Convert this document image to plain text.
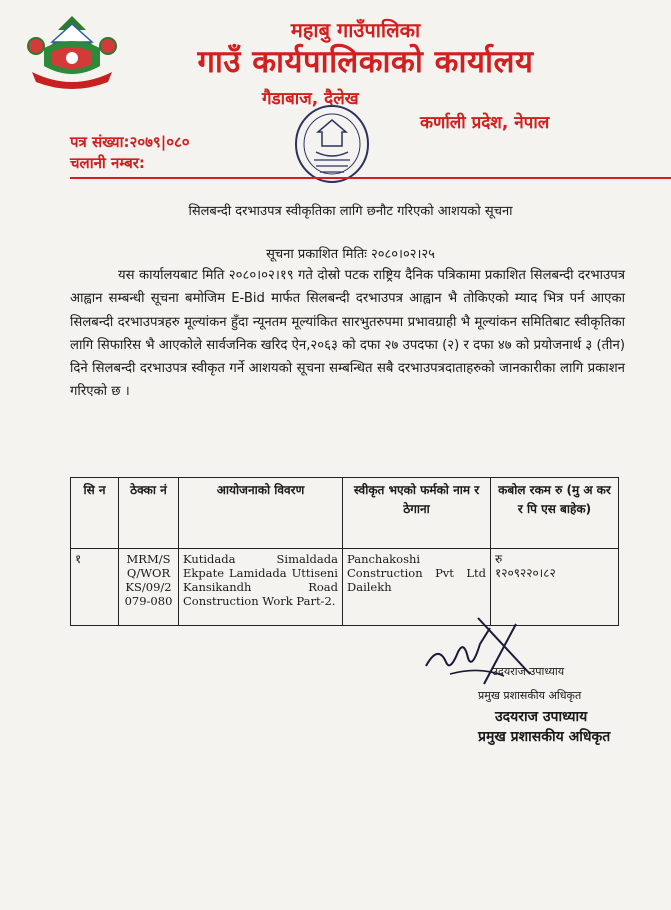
महाबु गाउँपालिका
गाउँ कार्यपालिकाको कार्यालय
गैडाबाज, दैलेख
कर्णाली प्रदेश, नेपाल
पत्र संख्या:२०७९|०८०
चलानी नम्बर:
सिलबन्दी दरभाउपत्र स्वीकृतिका लागि छनौट गरिएको आशयको सूचना
सूचना प्रकाशित मितिः २०८०।०२।२५
यस कार्यालयबाट मिति २०८०।०२।१९ गते दोस्रो पटक राष्ट्रिय दैनिक पत्रिकामा प्रकाशित सिलबन्दी दरभाउपत्र आह्वान सम्बन्धी सूचना बमोजिम E-Bid मार्फत सिलबन्दी दरभाउपत्र आह्वान भै तोकिएको म्याद भित्र पर्न आएका सिलबन्दी दरभाउपत्रहरु मूल्यांकन हुँदा न्यूनतम मूल्यांकित सारभुतरुपमा प्रभावग्राही भै मूल्यांकन समितिबाट स्वीकृतिका लागि सिफारिस भै आएकोले सार्वजनिक खरिद ऐन,२०६३ को दफा २७ उपदफा (२) र दफा ४७ को प्रयोजनार्थ ३ (तीन) दिने सिलबन्दी दरभाउपत्र स्वीकृत गर्ने आशयको सूचना सम्बन्धित सबै दरभाउपत्रदाताहरुको जानकारीका लागि प्रकाशन गरिएको छ ।
सि न	ठेक्का नं	आयोजनाको विवरण	स्वीकृत भएको फर्मको नाम र ठेगाना	कबोल रकम रु (मु अ कर र पि एस बाहेक)
१	MRM/SQ/WORKS/09/2079-080	Kutidada Simaldada Ekpate Lamidada Uttiseni Kansikandh Road Construction Work Part-2.	Panchakoshi Construction Pvt Ltd Dailekh	रु
१२०९२२०।८२
उदयराज उपाध्याय
प्रमुख प्रशासकीय अधिकृत
उदयराज उपाध्याय
प्रमुख प्रशासकीय अधिकृत
